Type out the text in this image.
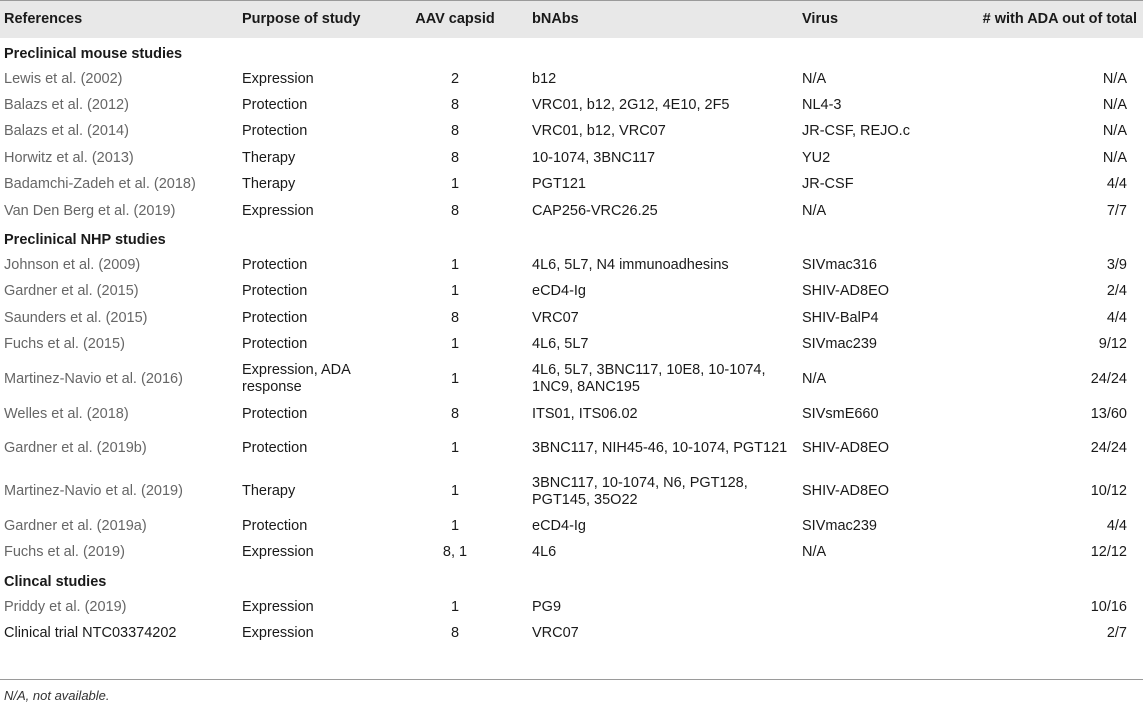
References	Purpose of study	AAV capsid	bNAbs	Virus	# with ADA out of total
Preclinical mouse studies					
Lewis et al. (2002)	Expression	2	b12	N/A	N/A
Balazs et al. (2012)	Protection	8	VRC01, b12, 2G12, 4E10, 2F5	NL4-3	N/A
Balazs et al. (2014)	Protection	8	VRC01, b12, VRC07	JR-CSF, REJO.c	N/A
Horwitz et al. (2013)	Therapy	8	10-1074, 3BNC117	YU2	N/A
Badamchi-Zadeh et al. (2018)	Therapy	1	PGT121	JR-CSF	4/4
Van Den Berg et al. (2019)	Expression	8	CAP256-VRC26.25	N/A	7/7
Preclinical NHP studies					
Johnson et al. (2009)	Protection	1	4L6, 5L7, N4 immunoadhesins	SIVmac316	3/9
Gardner et al. (2015)	Protection	1	eCD4-Ig	SHIV-AD8EO	2/4
Saunders et al. (2015)	Protection	8	VRC07	SHIV-BalP4	4/4
Fuchs et al. (2015)	Protection	1	4L6, 5L7	SIVmac239	9/12
Martinez-Navio et al. (2016)	Expression, ADA response	1	4L6, 5L7, 3BNC117, 10E8, 10-1074, 1NC9, 8ANC195	N/A	24/24
Welles et al. (2018)	Protection	8	ITS01, ITS06.02	SIVsmE660	13/60
Gardner et al. (2019b)	Protection	1	3BNC117, NIH45-46, 10-1074, PGT121	SHIV-AD8EO	24/24
Martinez-Navio et al. (2019)	Therapy	1	3BNC117, 10-1074, N6, PGT128, PGT145, 35O22	SHIV-AD8EO	10/12
Gardner et al. (2019a)	Protection	1	eCD4-Ig	SIVmac239	4/4
Fuchs et al. (2019)	Expression	8, 1	4L6	N/A	12/12
Clincal studies					
Priddy et al. (2019)	Expression	1	PG9		10/16
Clinical trial NTC03374202	Expression	8	VRC07		2/7
N/A, not available.
